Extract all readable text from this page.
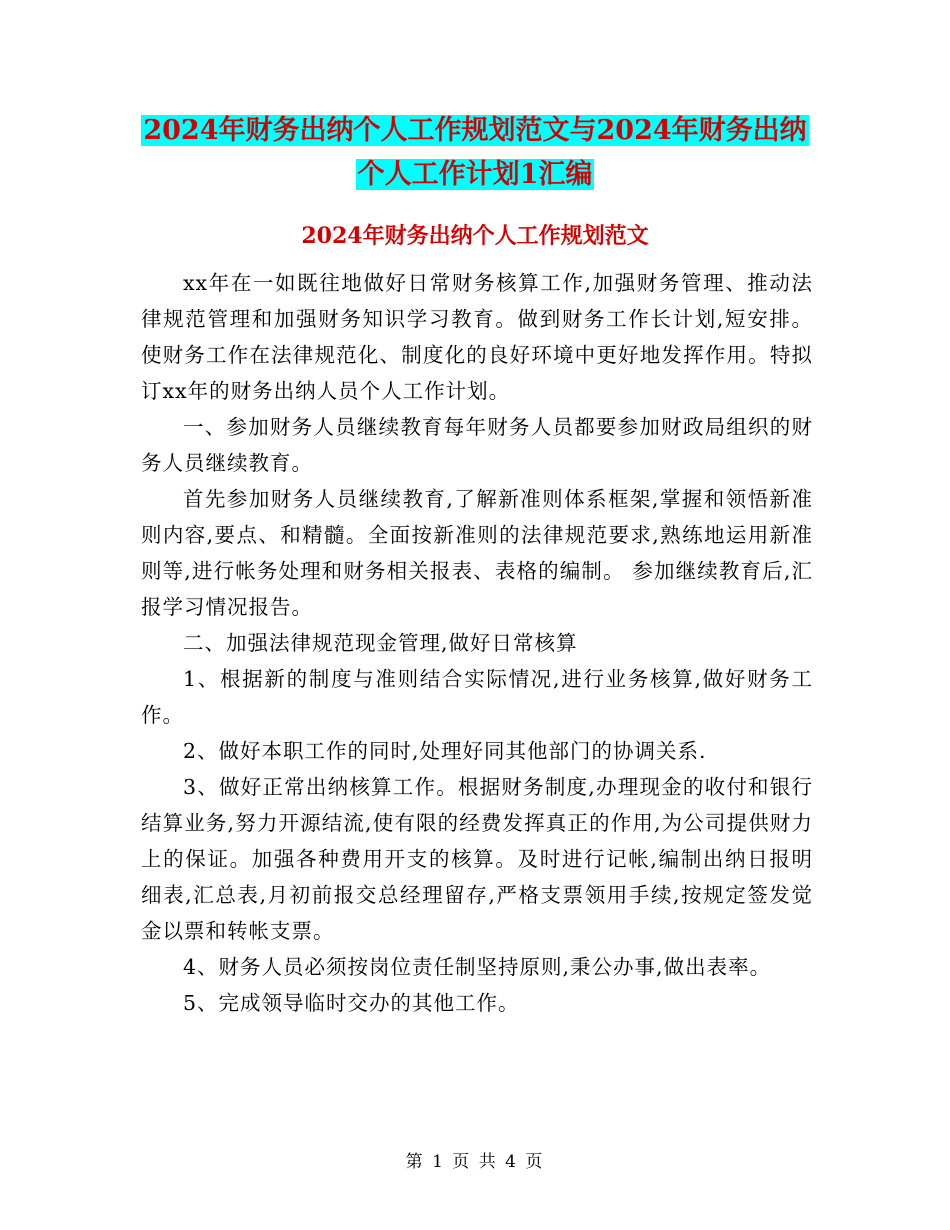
2024年财务出纳个人工作规划范文与2024年财务出纳
个人工作计划1汇编
2024年财务出纳个人工作规划范文

xx年在一如既往地做好日常财务核算工作,加强财务管理、推动法律规范管理和加强财务知识学习教育。做到财务工作长计划,短安排。使财务工作在法律规范化、制度化的良好环境中更好地发挥作用。特拟订xx年的财务出纳人员个人工作计划。

一、参加财务人员继续教育每年财务人员都要参加财政局组织的财务人员继续教育。

首先参加财务人员继续教育,了解新准则体系框架,掌握和领悟新准则内容,要点、和精髓。全面按新准则的法律规范要求,熟练地运用新准则等,进行帐务处理和财务相关报表、表格的编制。 参加继续教育后,汇报学习情况报告。

二、加强法律规范现金管理,做好日常核算

1、根据新的制度与准则结合实际情况,进行业务核算,做好财务工作。

2、做好本职工作的同时,处理好同其他部门的协调关系.

3、做好正常出纳核算工作。根据财务制度,办理现金的收付和银行结算业务,努力开源结流,使有限的经费发挥真正的作用,为公司提供财力上的保证。加强各种费用开支的核算。及时进行记帐,编制出纳日报明细表,汇总表,月初前报交总经理留存,严格支票领用手续,按规定签发觉金以票和转帐支票。

4、财务人员必须按岗位责任制坚持原则,秉公办事,做出表率。

5、完成领导临时交办的其他工作。

第 1 页 共 4 页
